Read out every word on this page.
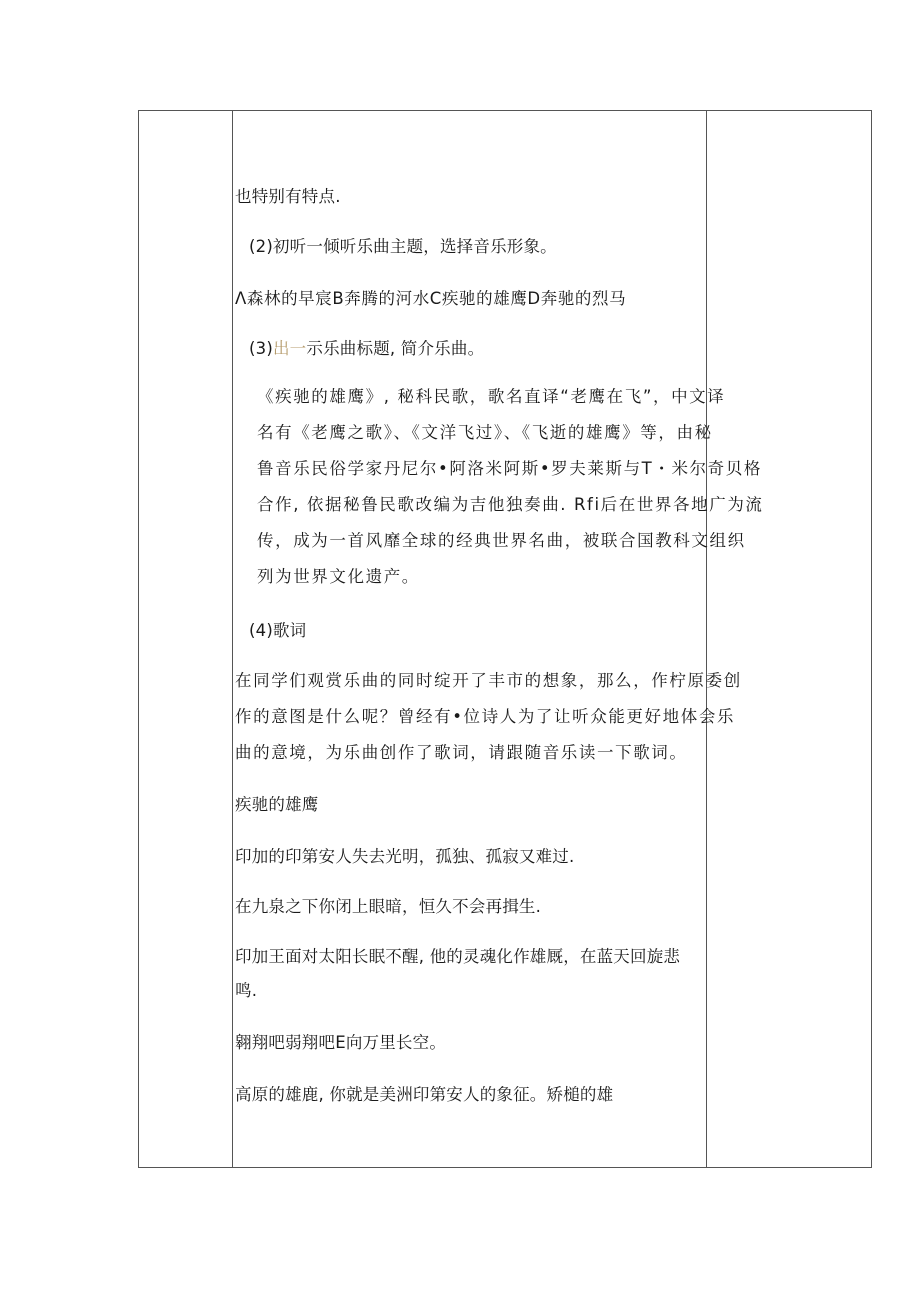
也特别有特点.
(2)初听一倾听乐曲主题，选择音乐形象。
Λ森林的早宸B奔腾的河水C疾驰的雄鹰D奔驰的烈马
(3)出一示乐曲标题, 简介乐曲。
《疾驰的雄鹰》, 秘科民歌，歌名直译“老鹰在飞”，中文译
名有《老鹰之歌》、《文洋飞过》、《飞逝的雄鹰》等，由秘
鲁音乐民俗学家丹尼尔•阿洛米阿斯•罗夫莱斯与T・米尔奇贝格
合作, 依据秘鲁民歌改编为吉他独奏曲. Rfi后在世界各地广为流
传，成为一首风靡全球的经典世界名曲，被联合国教科文组织
列为世界文化遗产。
(4)歌词
在同学们观赏乐曲的同时绽开了丰市的想象，那么，作柠原委创
作的意图是什么呢？曾经有•位诗人为了让听众能更好地体会乐
曲的意境，为乐曲创作了歌词，请跟随音乐读一下歌词。
疾驰的雄鹰
印加的印第安人失去光明，孤独、孤寂又难过.
在九泉之下你闭上眼暗，恒久不会再揖生.
印加王面对太阳长眠不醒, 他的灵魂化作雄厩，在蓝天回旋悲
鸣.
翱翔吧弱翔吧E向万里长空。
高原的雄鹿, 你就是美洲印第安人的象征。矫槌的雄
